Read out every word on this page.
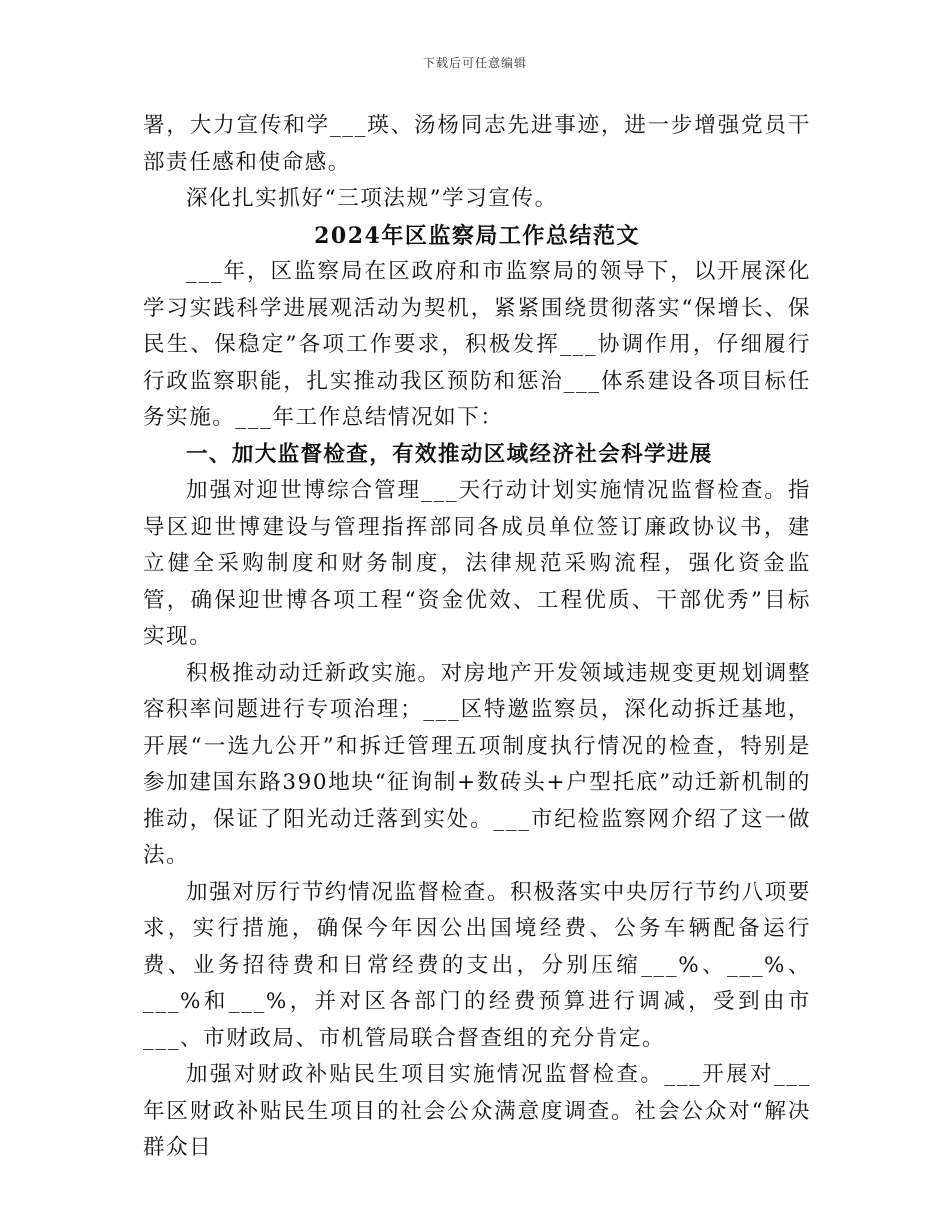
下载后可任意编辑

署，大力宣传和学___瑛、汤杨同志先进事迹，进一步增强党员干部责任感和使命感。

深化扎实抓好“三项法规”学习宣传。

2024年区监察局工作总结范文

___年，区监察局在区政府和市监察局的领导下，以开展深化学习实践科学进展观活动为契机，紧紧围绕贯彻落实“保增长、保民生、保稳定”各项工作要求，积极发挥___协调作用，仔细履行行政监察职能，扎实推动我区预防和惩治___体系建设各项目标任务实施。___年工作总结情况如下：

一、加大监督检查，有效推动区域经济社会科学进展

加强对迎世博综合管理___天行动计划实施情况监督检查。指导区迎世博建设与管理指挥部同各成员单位签订廉政协议书，建立健全采购制度和财务制度，法律规范采购流程，强化资金监管，确保迎世博各项工程“资金优效、工程优质、干部优秀”目标实现。

积极推动动迁新政实施。对房地产开发领域违规变更规划调整容积率问题进行专项治理；___区特邀监察员，深化动拆迁基地，开展“一选九公开”和拆迁管理五项制度执行情况的检查，特别是参加建国东路390地块“征询制+数砖头+户型托底”动迁新机制的推动，保证了阳光动迁落到实处。___市纪检监察网介绍了这一做法。

加强对厉行节约情况监督检查。积极落实中央厉行节约八项要求，实行措施，确保今年因公出国境经费、公务车辆配备运行费、业务招待费和日常经费的支出，分别压缩___%、___%、___%和___%，并对区各部门的经费预算进行调减，受到由市___、市财政局、市机管局联合督查组的充分肯定。

加强对财政补贴民生项目实施情况监督检查。___开展对___年区财政补贴民生项目的社会公众满意度调查。社会公众对“解决群众日
